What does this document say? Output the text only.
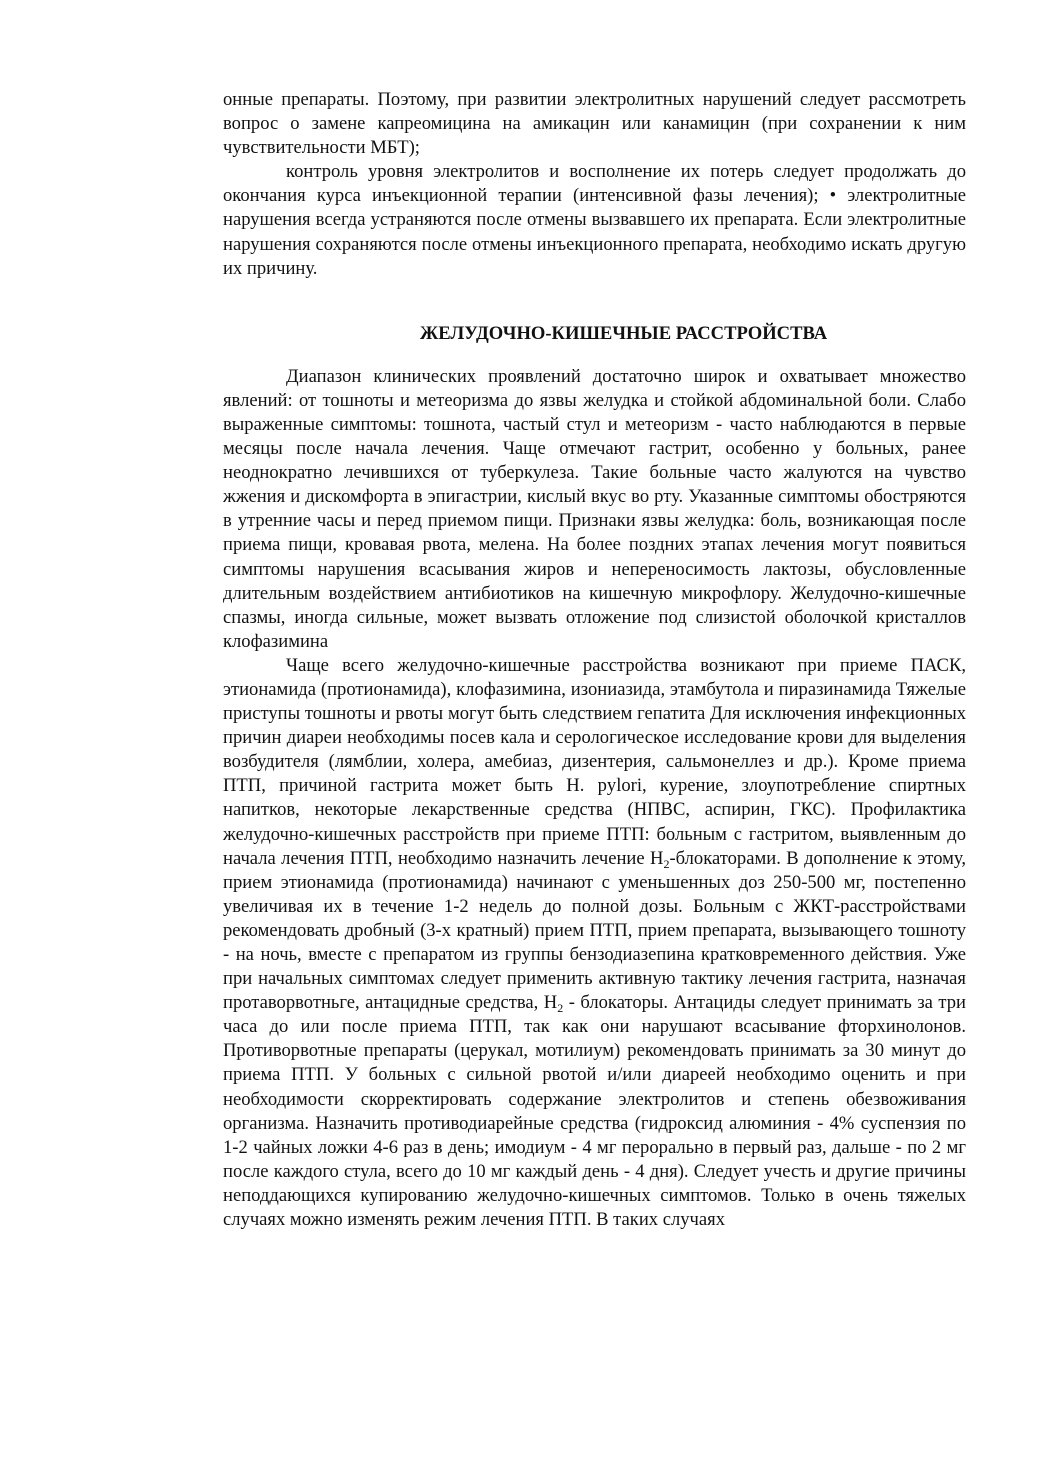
онные препараты. Поэтому, при развитии электролитных нарушений следует рассмотреть вопрос о замене капреомицина на амикацин или канамицин (при сохранении к ним чувствительности МБТ);

контроль уровня электролитов и восполнение их потерь следует продолжать до окончания курса инъекционной терапии (интенсивной фазы лечения); • электролитные нарушения всегда устраняются после отмены вызвавшего их препарата. Если электролитные нарушения сохраняются после отмены инъекционного препарата, необходимо искать другую их причину.

ЖЕЛУДОЧНО-КИШЕЧНЫЕ РАССТРОЙСТВА

Диапазон клинических проявлений достаточно широк и охватывает множество явлений: от тошноты и метеоризма до язвы желудка и стойкой абдоминальной боли. Слабо выраженные симптомы: тошнота, частый стул и метеоризм - часто наблюдаются в первые месяцы после начала лечения. Чаще отмечают гастрит, особенно у больных, ранее неоднократно лечившихся от туберкулеза. Такие больные часто жалуются на чувство жжения и дискомфорта в эпигастрии, кислый вкус во рту. Указанные симптомы обостряются в утренние часы и перед приемом пищи. Признаки язвы желудка: боль, возникающая после приема пищи, кровавая рвота, мелена. На более поздних этапах лечения могут появиться симптомы нарушения всасывания жиров и непереносимость лактозы, обусловленные длительным воздействием антибиотиков на кишечную микрофлору. Желудочно-кишечные спазмы, иногда сильные, может вызвать отложение под слизистой оболочкой кристаллов клофазимина

Чаще всего желудочно-кишечные расстройства возникают при приеме ПАСК, этионамида (протионамида), клофазимина, изониазида, этамбутола и пиразинамида Тяжелые приступы тошноты и рвоты могут быть следствием гепатита Для исключения инфекционных причин диареи необходимы посев кала и серологическое исследование крови для выделения возбудителя (лямблии, холера, амебиаз, дизентерия, сальмонеллез и др.). Кроме приема ПТП, причиной гастрита может быть H. pylori, курение, злоупотребление спиртных напитков, некоторые лекарственные средства (НПВС, аспирин, ГКС). Профилактика желудочно-кишечных расстройств при приеме ПТП: больным с гастритом, выявленным до начала лечения ПТП, необходимо назначить лечение $H_2$-блокаторами. В дополнение к этому, прием этионамида (протионамида) начинают с уменьшенных доз 250-500 мг, постепенно увеличивая их в течение 1-2 недель до полной дозы. Больным с ЖКТ-расстройствами рекомендовать дробный (3-х кратный) прием ПТП, прием препарата, вызывающего тошноту - на ночь, вместе с препаратом из группы бензодиазепина кратковременного действия. Уже при начальных симптомах следует применить активную тактику лечения гастрита, назначая протаворвотньге, антацидные средства, $H_2$ - блокаторы. Антациды следует принимать за три часа до или после приема ПТП, так как они нарушают всасывание фторхинолонов. Противорвотные препараты (церукал, мотилиум) рекомендовать принимать за 30 минут до приема ПТП. У больных с сильной рвотой и/или диареей необходимо оценить и при необходимости скорректировать содержание электролитов и степень обезвоживания организма. Назначить противодиарейные средства (гидроксид алюминия - 4% суспензия по 1-2 чайных ложки 4-6 раз в день; имодиум - 4 мг перорально в первый раз, дальше - по 2 мг после каждого стула, всего до 10 мг каждый день - 4 дня). Следует учесть и другие причины неподдающихся купированию желудочно-кишечных симптомов. Только в очень тяжелых случаях можно изменять режим лечения ПТП. В таких случаях
